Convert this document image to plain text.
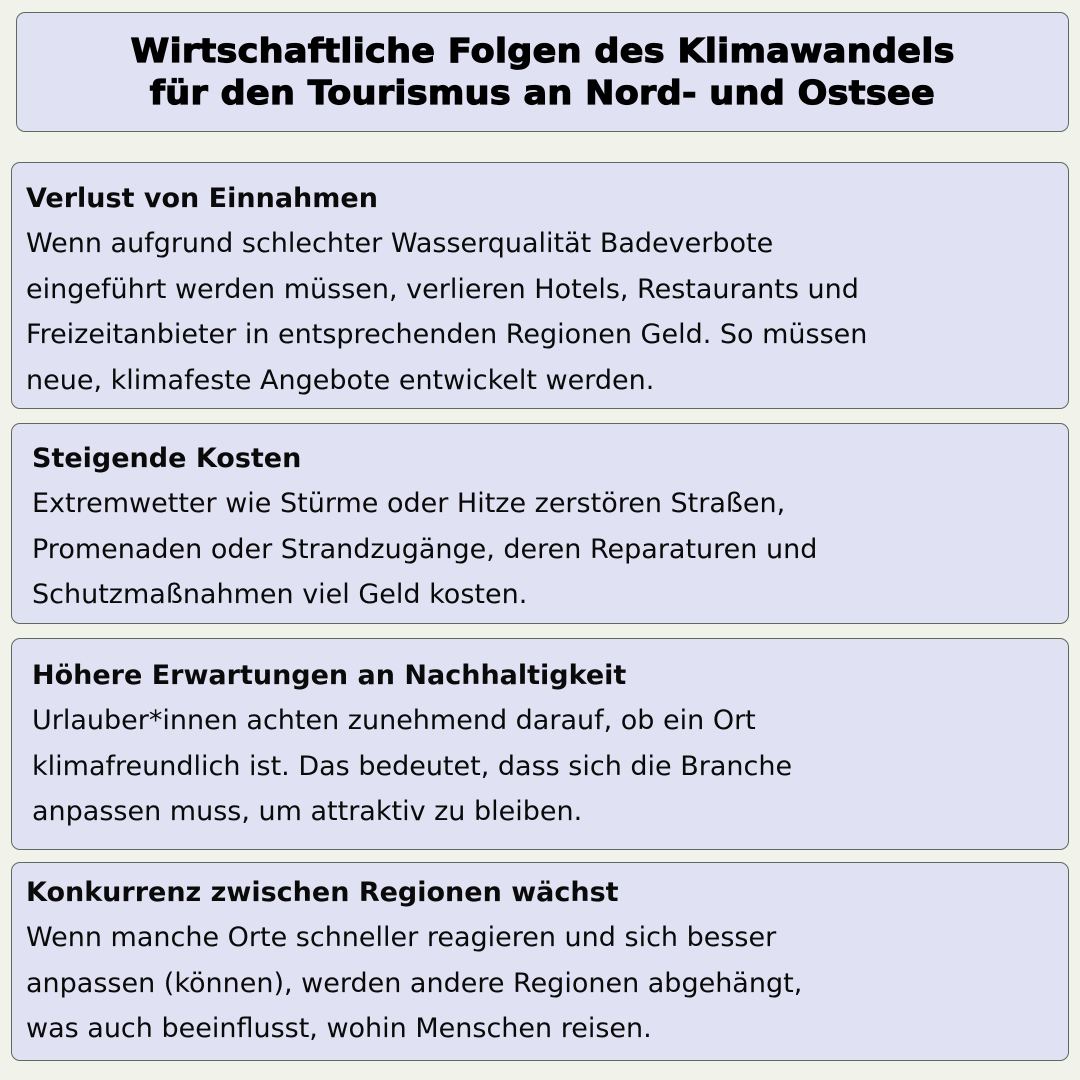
Wirtschaftliche Folgen des Klimawandels
für den Tourismus an Nord- und Ostsee
Verlust von Einnahmen
Wenn aufgrund schlechter Wasserqualität Badeverbote
eingeführt werden müssen, verlieren Hotels, Restaurants und
Freizeitanbieter in entsprechenden Regionen Geld. So müssen
neue, klimafeste Angebote entwickelt werden.
Steigende Kosten
Extremwetter wie Stürme oder Hitze zerstören Straßen,
Promenaden oder Strandzugänge, deren Reparaturen und
Schutzmaßnahmen viel Geld kosten.
Höhere Erwartungen an Nachhaltigkeit
Urlauber*innen achten zunehmend darauf, ob ein Ort
klimafreundlich ist. Das bedeutet, dass sich die Branche
anpassen muss, um attraktiv zu bleiben.
Konkurrenz zwischen Regionen wächst
Wenn manche Orte schneller reagieren und sich besser
anpassen (können), werden andere Regionen abgehängt,
was auch beeinflusst, wohin Menschen reisen.
